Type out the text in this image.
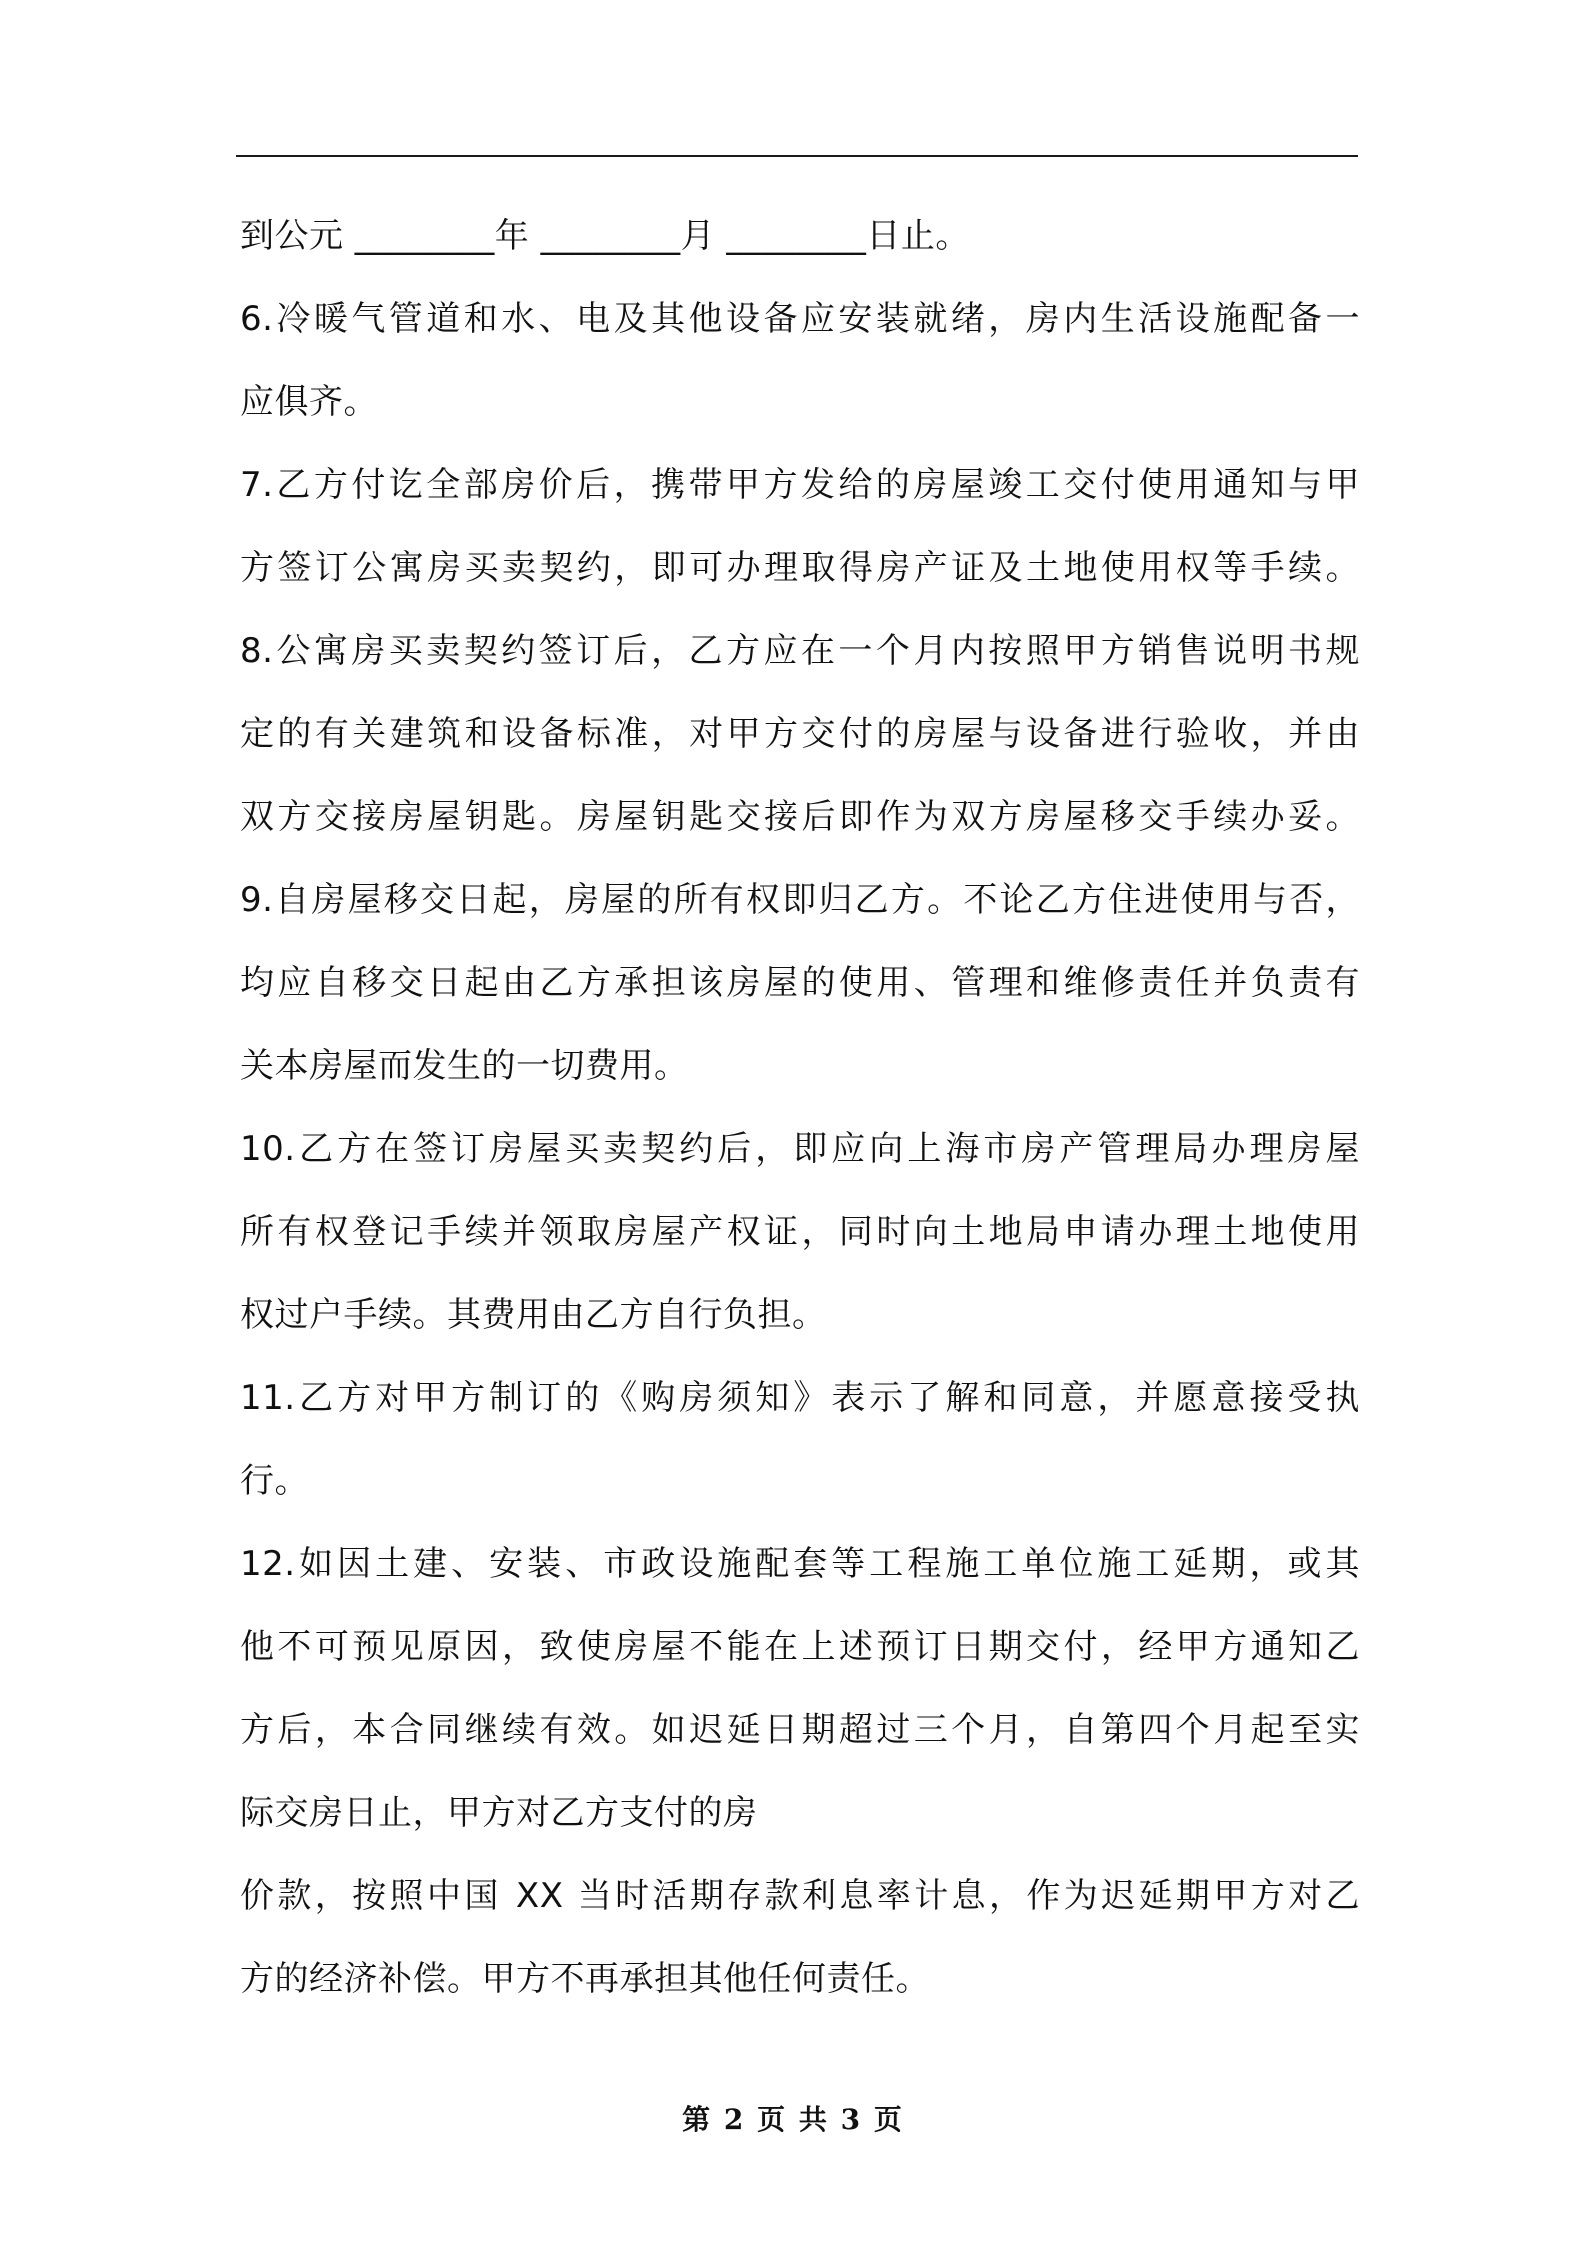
到公元 ________年 ________月 ________日止。
6.冷暖气管道和水、电及其他设备应安装就绪，房内生活设施配备一
应俱齐。
7.乙方付讫全部房价后，携带甲方发给的房屋竣工交付使用通知与甲
方签订公寓房买卖契约，即可办理取得房产证及土地使用权等手续。
8.公寓房买卖契约签订后，乙方应在一个月内按照甲方销售说明书规
定的有关建筑和设备标准，对甲方交付的房屋与设备进行验收，并由
双方交接房屋钥匙。房屋钥匙交接后即作为双方房屋移交手续办妥。
9.自房屋移交日起，房屋的所有权即归乙方。不论乙方住进使用与否，
均应自移交日起由乙方承担该房屋的使用、管理和维修责任并负责有
关本房屋而发生的一切费用。
10.乙方在签订房屋买卖契约后，即应向上海市房产管理局办理房屋
所有权登记手续并领取房屋产权证，同时向土地局申请办理土地使用
权过户手续。其费用由乙方自行负担。
11.乙方对甲方制订的《购房须知》表示了解和同意，并愿意接受执
行。
12.如因土建、安装、市政设施配套等工程施工单位施工延期，或其
他不可预见原因，致使房屋不能在上述预订日期交付，经甲方通知乙
方后，本合同继续有效。如迟延日期超过三个月，自第四个月起至实
际交房日止，甲方对乙方支付的房
价款，按照中国 XX 当时活期存款利息率计息，作为迟延期甲方对乙
方的经济补偿。甲方不再承担其他任何责任。
第 2 页 共 3 页
